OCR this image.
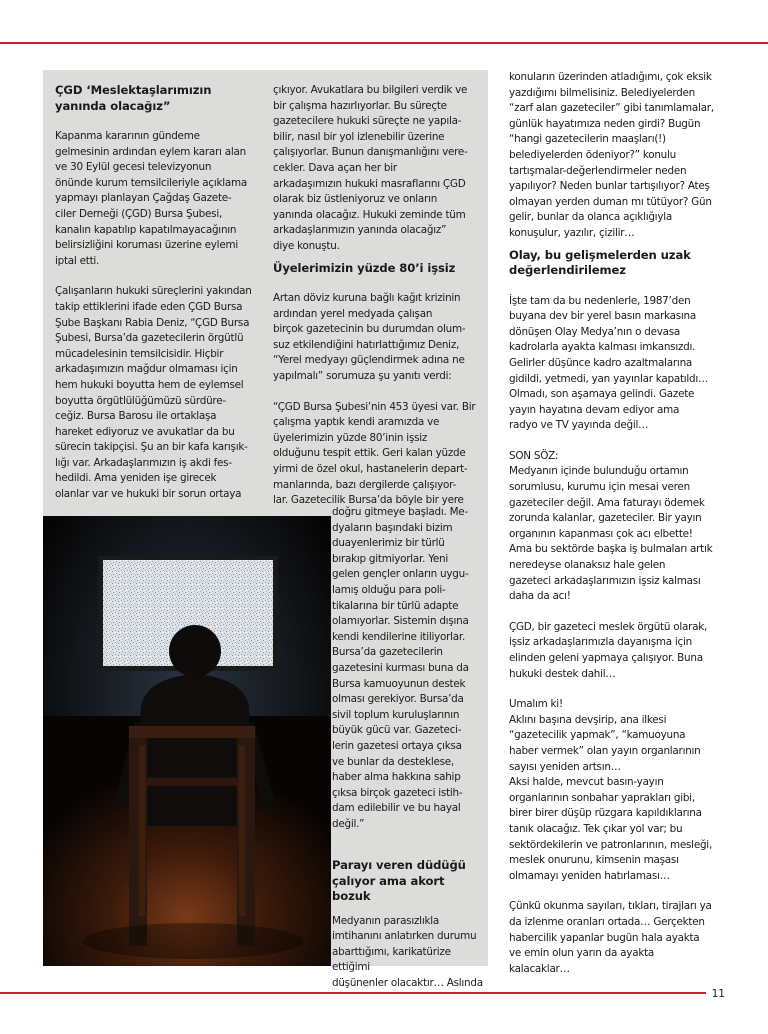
ÇGD ‘Meslektaşlarımızın
yanında olacağız”

Kapanma kararının gündeme
gelmesinin ardından eylem kararı alan
ve 30 Eylül gecesi televizyonun
önünde kurum temsilcileriyle açıklama
yapmayı planlayan Çağdaş Gazete-
ciler Derneği (ÇGD) Bursa Şubesi,
kanalın kapatılıp kapatılmayacağının
belirsizliğini koruması üzerine eylemi
iptal etti.

Çalışanların hukuki süreçlerini yakından
takip ettiklerini ifade eden ÇGD Bursa
Şube Başkanı Rabia Deniz, “ÇGD Bursa
Şubesi, Bursa’da gazetecilerin örgütlü
mücadelesinin temsilcisidir. Hiçbir
arkadaşımızın mağdur olmaması için
hem hukuki boyutta hem de eylemsel
boyutta örgütlülüğümüzü sürdüre-
ceğiz. Bursa Barosu ile ortaklaşa
hareket ediyoruz ve avukatlar da bu
sürecin takipçisi. Şu an bir kafa karışık-
lığı var. Arkadaşlarımızın iş akdi fes-
hedildi. Ama yeniden işe girecek
olanlar var ve hukuki bir sorun ortaya

çıkıyor. Avukatlara bu bilgileri verdik ve
bir çalışma hazırlıyorlar. Bu süreçte
gazetecilere hukuki süreçte ne yapıla-
bilir, nasıl bir yol izlenebilir üzerine
çalışıyorlar. Bunun danışmanlığını vere-
cekler. Dava açan her bir
arkadaşımızın hukuki masraflarını ÇGD
olarak biz üstleniyoruz ve onların
yanında olacağız. Hukuki zeminde tüm
arkadaşlarımızın yanında olacağız”
diye konuştu.

Üyelerimizin yüzde 80’i işsiz

Artan döviz kuruna bağlı kağıt krizinin
ardından yerel medyada çalışan
birçok gazetecinin bu durumdan olum-
suz etkilendiğini hatırlattığımız Deniz,
“Yerel medyayı güçlendirmek adına ne
yapılmalı” sorumuza şu yanıtı verdi:

“ÇGD Bursa Şubesi’nin 453 üyesi var. Bir
çalışma yaptık kendi aramızda ve
üyelerimizin yüzde 80’inin işsiz
olduğunu tespit ettik. Geri kalan yüzde
yirmi de özel okul, hastanelerin depart-
manlarında, bazı dergilerde çalışıyor-
lar. Gazetecilik Bursa’da böyle bir yere

doğru gitmeye başladı. Me-
dyaların başındaki bizim
duayenlerimiz bir türlü
bırakıp gitmiyorlar. Yeni
gelen gençler onların uygu-
lamış olduğu para poli-
tikalarına bir türlü adapte
olamıyorlar. Sistemin dışına
kendi kendilerine itiliyorlar.
Bursa’da gazetecilerin
gazetesini kurması buna da
Bursa kamuoyunun destek
olması gerekiyor. Bursa’da
sivil toplum kuruluşlarının
büyük gücü var. Gazeteci-
lerin gazetesi ortaya çıksa
ve bunlar da desteklese,
haber alma hakkına sahip
çıksa birçok gazeteci istih-
dam edilebilir ve bu hayal
değil.”

Parayı veren düdüğü
çalıyor ama akort bozuk

Medyanın parasızlıkla
imtihanını anlatırken durumu
abarttığımı, karikatürize ettiğimi
düşünenler olacaktır… Aslında

konuların üzerinden atladığımı, çok eksik
yazdığımı bilmelisiniz. Belediyelerden
“zarf alan gazeteciler” gibi tanımlamalar,
günlük hayatımıza neden girdi? Bugün
“hangi gazetecilerin maaşları(!)
belediyelerden ödeniyor?” konulu
tartışmalar-değerlendirmeler neden
yapılıyor? Neden bunlar tartışılıyor? Ateş
olmayan yerden duman mı tütüyor? Gün
gelir, bunlar da olanca açıklığıyla
konuşulur, yazılır, çizilir…

Olay, bu gelişmelerden uzak
değerlendirilemez

İşte tam da bu nedenlerle, 1987’den
buyana dev bir yerel basın markasına
dönüşen Olay Medya’nın o devasa
kadrolarla ayakta kalması imkansızdı.
Gelirler düşünce kadro azaltmalarına
gidildi, yetmedi, yan yayınlar kapatıldı…
Olmadı, son aşamaya gelindi. Gazete
yayın hayatına devam ediyor ama
radyo ve TV yayında değil…

SON SÖZ:
Medyanın içinde bulunduğu ortamın
sorumlusu, kurumu için mesai veren
gazeteciler değil. Ama faturayı ödemek
zorunda kalanlar, gazeteciler. Bir yayın
organının kapanması çok acı elbette!
Ama bu sektörde başka iş bulmaları artık
neredeyse olanaksız hale gelen
gazeteci arkadaşlarımızın işsiz kalması
daha da acı!

ÇGD, bir gazeteci meslek örgütü olarak,
işsiz arkadaşlarımızla dayanışma için
elinden geleni yapmaya çalışıyor. Buna
hukuki destek dahil…

Umalım ki!
Aklını başına devşirip, ana ilkesi
“gazetecilik yapmak”, “kamuoyuna
haber vermek” olan yayın organlarının
sayısı yeniden artsın…
Aksi halde, mevcut basın-yayın
organlarının sonbahar yaprakları gibi,
birer birer düşüp rüzgara kapıldıklarına
tanık olacağız. Tek çıkar yol var; bu
sektördekilerin ve patronlarının, mesleği,
meslek onurunu, kimsenin maşası
olmamayı yeniden hatırlaması…

Çünkü okunma sayıları, tıkları, tirajları ya
da izlenme oranları ortada… Gerçekten
habercilik yapanlar bugün hala ayakta
ve emin olun yarın da ayakta
kalacaklar…

11
